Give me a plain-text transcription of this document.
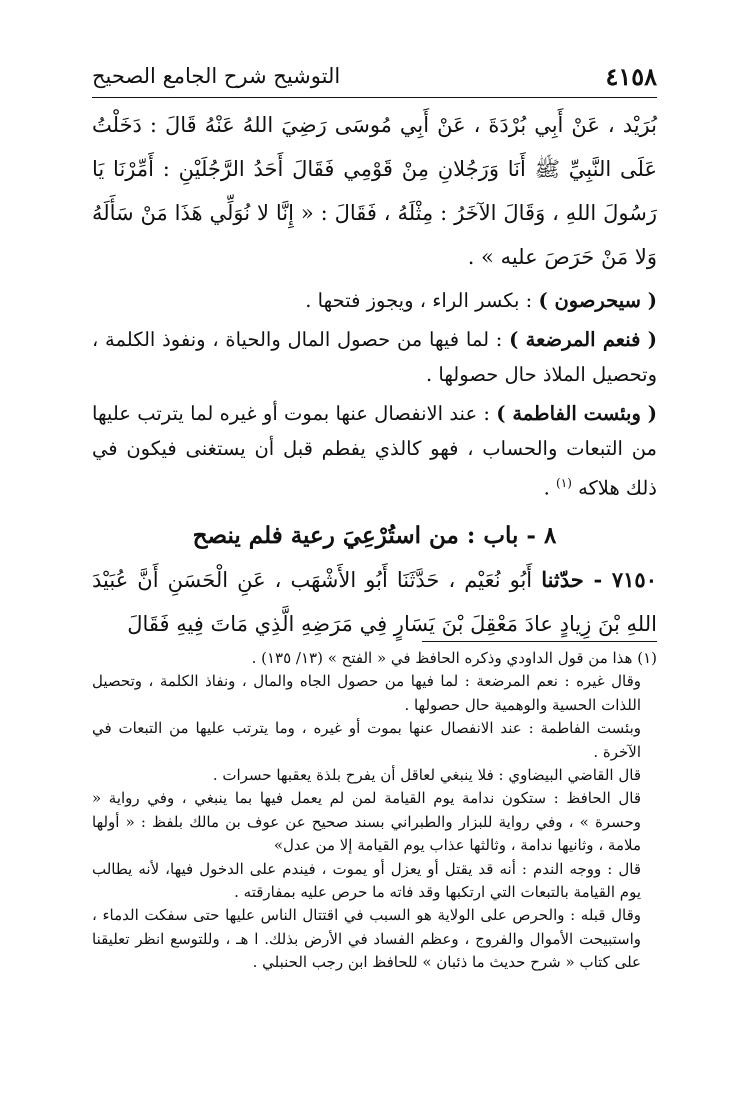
٤١٥٨
التوشيح شرح الجامع الصحيح

بُرَيْد ، عَنْ أَبِي بُرْدَةَ ، عَنْ أَبِي مُوسَى رَضِيَ اللهُ عَنْهُ قَالَ : دَخَلْتُ عَلَى النَّبِيِّ ﷺ أَنَا وَرَجُلانِ مِنْ قَوْمِي فَقَالَ أَحَدُ الرَّجُلَيْنِ : أَمِّرْنَا يَا رَسُولَ اللهِ ، وَقَالَ الآخَرُ : مِثْلَهُ ، فَقَالَ : « إِنَّا لا نُوَلِّي هَذَا مَنْ سَأَلَهُ وَلا مَنْ حَرَصَ عليه » .

( سيحرصون ) : بكسر الراء ، ويجوز فتحها .

( فنعم المرضعة ) : لما فيها من حصول المال والحياة ، ونفوذ الكلمة ، وتحصيل الملاذ حال حصولها .

( وبئست الفاطمة ) : عند الانفصال عنها بموت أو غيره لما يترتب عليها من التبعات والحساب ، فهو كالذي يفطم قبل أن يستغنى فيكون في ذلك هلاكه $^{(١)}$ .

٨ - باب : من استُرْعِيَ رعية فلم ينصح

٧١٥٠ - حدّثنا أَبُو نُعَيْم ، حَدَّثَنَا أَبُو الأَشْهَب ، عَنِ الْحَسَنِ أَنَّ عُبَيْدَ اللهِ بْنَ زِيادٍ عادَ مَعْقِلَ بْنَ يَسَارٍ فِي مَرَضِهِ الَّذِي مَاتَ فِيهِ فَقَالَ

(١) هذا من قول الداودي وذكره الحافظ في « الفتح » (١٣/ ١٣٥) .

وقال غيره : نعم المرضعة : لما فيها من حصول الجاه والمال ، ونفاذ الكلمة ، وتحصيل اللذات الحسية والوهمية حال حصولها .

وبئست الفاطمة : عند الانفصال عنها بموت أو غيره ، وما يترتب عليها من التبعات في الآخرة .

قال القاضي البيضاوي : فلا ينبغي لعاقل أن يفرح بلذة يعقبها حسرات .

قال الحافظ : ستكون ندامة يوم القيامة لمن لم يعمل فيها بما ينبغي ، وفي رواية « وحسرة » ، وفي رواية للبزار والطبراني بسند صحيح عن عوف بن مالك بلفظ : « أولها ملامة ، وثانيها ندامة ، وثالثها عذاب يوم القيامة إلا من عدل»

قال : ووجه الندم : أنه قد يقتل أو يعزل أو يموت ، فيندم على الدخول فيها، لأنه يطالب يوم القيامة بالتبعات التي ارتكبها وقد فاته ما حرص عليه بمفارقته .

وقال قبله : والحرص على الولاية هو السبب في اقتتال الناس عليها حتى سفكت الدماء ، واستبيحت الأموال والفروج ، وعظم الفساد في الأرض بذلك. ا هـ ، وللتوسع انظر تعليقنا على كتاب « شرح حديث ما ذئبان » للحافظ ابن رجب الحنبلي .
